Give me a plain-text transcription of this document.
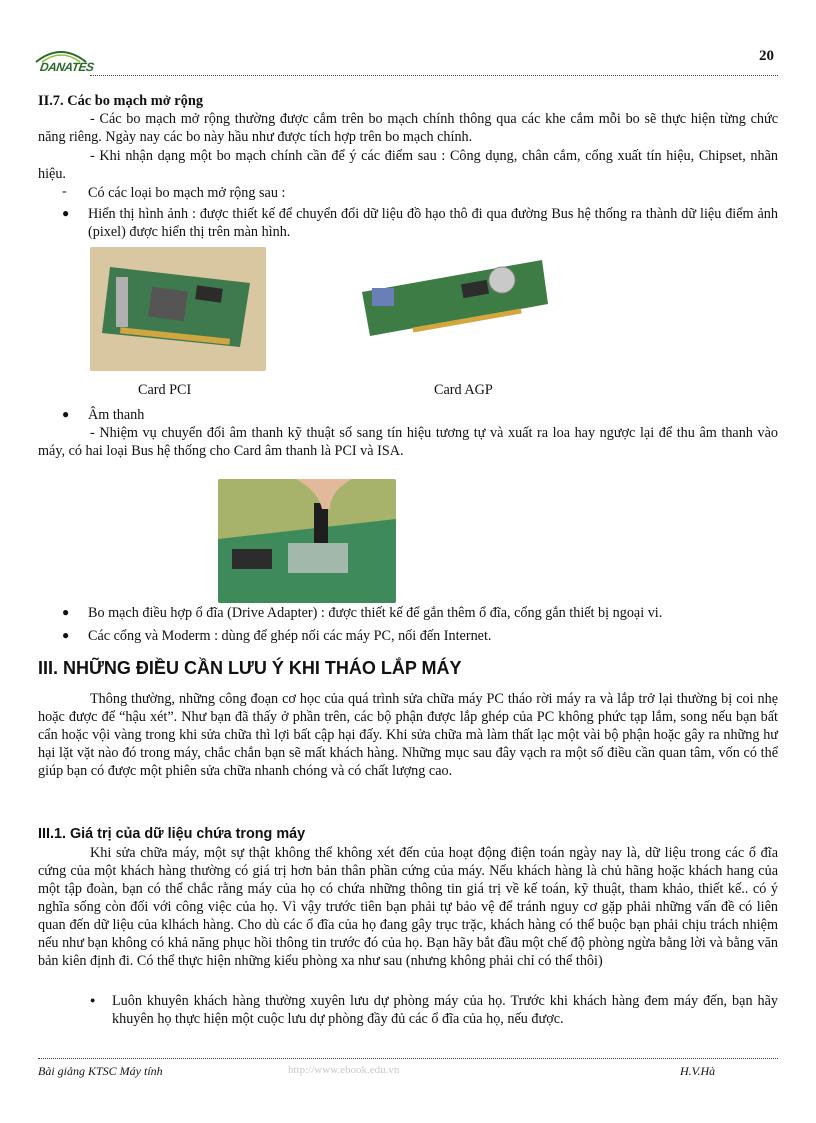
DANATES
20
II.7. Các bo mạch mở rộng
- Các bo mạch mở rộng thường được cắm trên bo mạch chính thông qua các khe cắm mỗi bo sẽ thực hiện từng chức năng riêng. Ngày nay các bo này hầu như được tích hợp trên bo mạch chính.
- Khi nhận dạng một bo mạch chính cần để ý các điểm sau : Công dụng, chân cắm, cổng xuất tín hiệu, Chipset, nhãn hiệu.
- Có các loại bo mạch mở rộng sau :
● Hiển thị hình ảnh : được thiết kế để chuyển đổi dữ liệu đồ hạo thô đi qua đường Bus hệ thống ra thành dữ liệu điểm ảnh (pixel) được hiển thị trên màn hình.
Card PCI	Card AGP
● Âm thanh
- Nhiệm vụ chuyển đổi âm thanh kỹ thuật số sang tín hiệu tương tự và xuất ra loa hay ngược lại để thu âm thanh vào máy, có hai loại Bus hệ thống cho Card âm thanh là PCI và ISA.
● Bo mạch điều hợp ổ đĩa (Drive Adapter) : được thiết kế để gắn thêm ổ đĩa, cổng gắn thiết bị ngoại vi.
● Các cổng và Moderm : dùng để ghép nối các máy PC, nối đến Internet.
III. NHỮNG ĐIỀU CẦN LƯU Ý KHI THÁO LẮP MÁY
Thông thường, những công đoạn cơ học của quá trình sửa chữa máy PC tháo rời máy ra và lắp trở lại thường bị coi nhẹ hoặc được để “hậu xét”. Như bạn đã thấy ở phần trên, các bộ phận được lắp ghép của PC không phức tạp lắm, song nếu bạn bất cẩn hoặc vội vàng trong khi sửa chữa thì lợi bất cập hại đấy. Khi sửa chữa mà làm thất lạc một vài bộ phận hoặc gây ra những hư hại lặt vặt nào đó trong máy, chắc chắn bạn sẽ mất khách hàng. Những mục sau đây vạch ra một số điều cần quan tâm, vốn có thể giúp bạn có được một phiên sửa chữa nhanh chóng và có chất lượng cao.
III.1. Giá trị của dữ liệu chứa trong máy
Khi sửa chữa máy, một sự thật không thể không xét đến của hoạt động điện toán ngày nay là, dữ liệu trong các ổ đĩa cứng của một khách hàng thường có giá trị hơn bản thân phần cứng của máy. Nếu khách hàng là chủ hãng hoặc khách hang của một tập đoàn, bạn có thể chắc rằng máy của họ có chứa những thông tin giá trị về kế toán, kỹ thuật, tham khảo, thiết kế.. có ý nghĩa sống còn đối với công việc của họ. Vì vậy trước tiên bạn phải tự bảo vệ để tránh nguy cơ gặp phải những vấn đề có liên quan đến dữ liệu của klhách hàng. Cho dù các ổ đĩa của họ đang gây trục trặc, khách hàng có thể buộc bạn phải chịu trách nhiệm nếu như bạn không có khả năng phục hồi thông tin trước đó của họ. Bạn hãy bắt đầu một chế độ phòng ngừa bằng lời và bằng văn bản kiên định đi. Có thể thực hiện những kiểu phòng xa như sau (nhưng không phải chỉ có thể thôi)
● Luôn khuyên khách hàng thường xuyên lưu dự phòng máy của họ. Trước khi khách hàng đem máy đến, bạn hãy khuyên họ thực hiện một cuộc lưu dự phòng đầy đủ các ổ đĩa của họ, nếu được.
Bài giảng KTSC Máy tính	http://www.ebook.edu.vn	H.V.Hà
